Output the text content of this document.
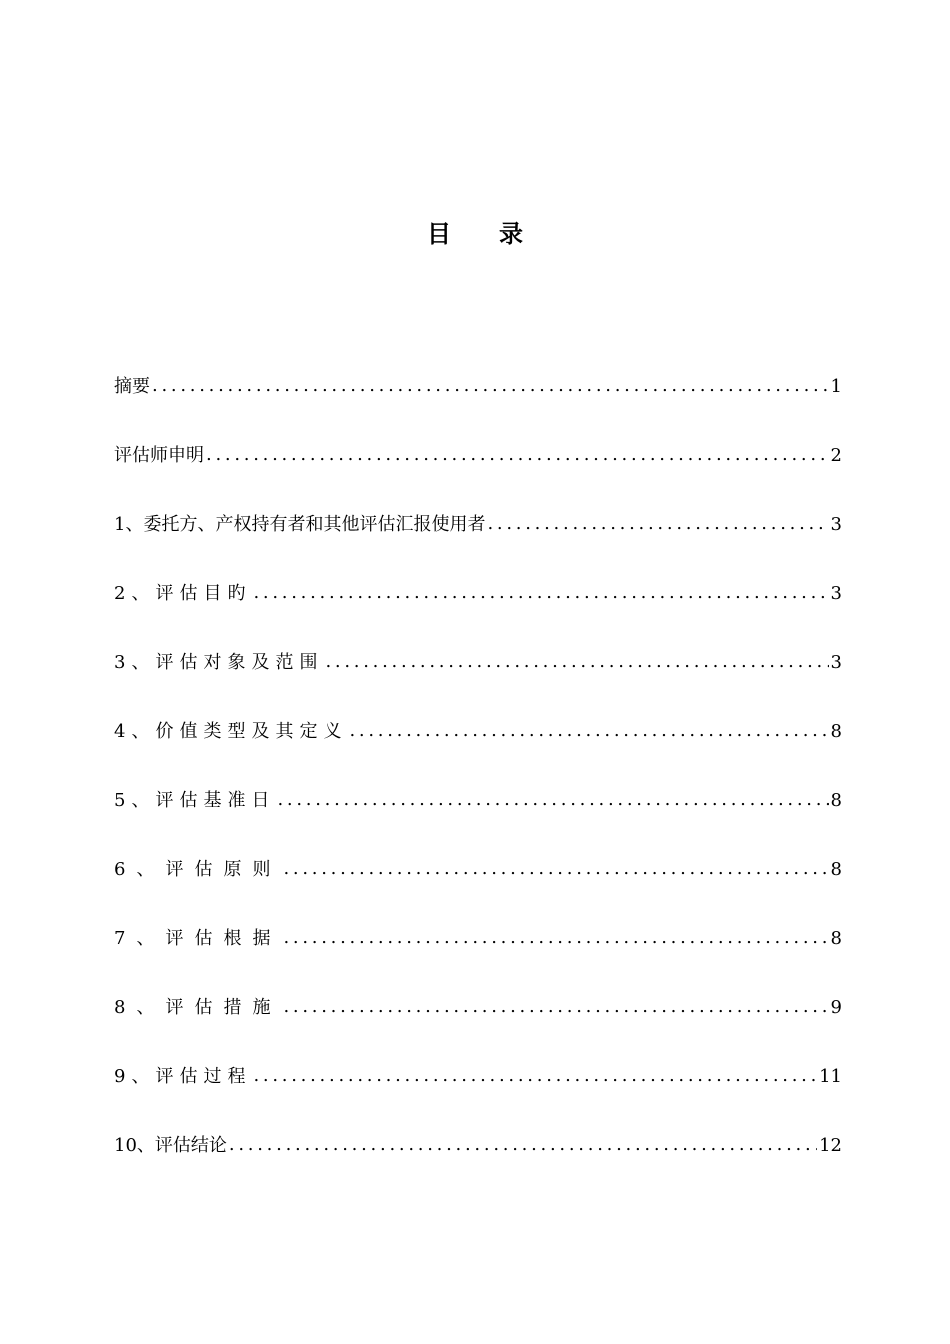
目录
摘要 . . .	1
评估师申明 . . .	2
1、委托方、产权持有者和其他评估汇报使用者 . . .	3
2、评估目旳 . . .	3
3、评估对象及范围 . . .	3
4、价值类型及其定义 . . .	8
5、评估基准日 . . .	8
6、评估原则 . . .	8
7、评估根据 . . .	8
8、评估措施 . . .	9
9、评估过程 . . .	11
10、评估结论 . . .	12
